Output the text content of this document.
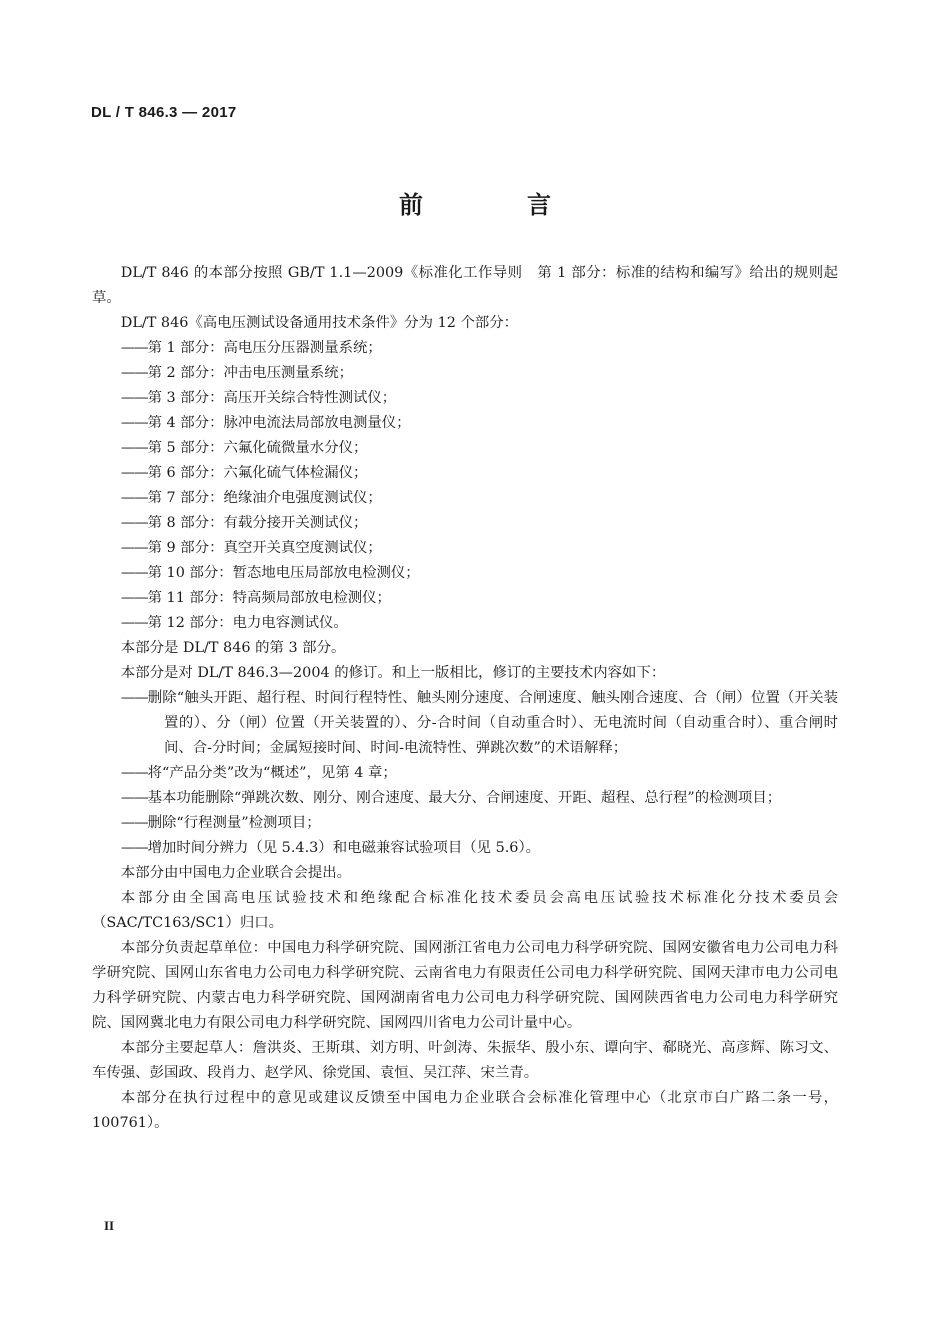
DL / T 846.3 — 2017
前　言

DL/T 846 的本部分按照 GB/T 1.1—2009《标准化工作导则　第 1 部分：标准的结构和编写》给出的规则起草。

DL/T 846《高电压测试设备通用技术条件》分为 12 个部分：

——第 1 部分：高电压分压器测量系统；

——第 2 部分：冲击电压测量系统；

——第 3 部分：高压开关综合特性测试仪；

——第 4 部分：脉冲电流法局部放电测量仪；

——第 5 部分：六氟化硫微量水分仪；

——第 6 部分：六氟化硫气体检漏仪；

——第 7 部分：绝缘油介电强度测试仪；

——第 8 部分：有载分接开关测试仪；

——第 9 部分：真空开关真空度测试仪；

——第 10 部分：暂态地电压局部放电检测仪；

——第 11 部分：特高频局部放电检测仪；

——第 12 部分：电力电容测试仪。

本部分是 DL/T 846 的第 3 部分。

本部分是对 DL/T 846.3—2004 的修订。和上一版相比，修订的主要技术内容如下：

——删除“触头开距、超行程、时间行程特性、触头刚分速度、合闸速度、触头刚合速度、合（闸）位置（开关装置的）、分（闸）位置（开关装置的）、分-合时间（自动重合时）、无电流时间（自动重合时）、重合闸时间、合-分时间；金属短接时间、时间-电流特性、弹跳次数”的术语解释；

——将“产品分类”改为“概述”，见第 4 章；

——基本功能删除“弹跳次数、刚分、刚合速度、最大分、合闸速度、开距、超程、总行程”的检测项目；

——删除“行程测量”检测项目；

——增加时间分辨力（见 5.4.3）和电磁兼容试验项目（见 5.6）。

本部分由中国电力企业联合会提出。

本部分由全国高电压试验技术和绝缘配合标准化技术委员会高电压试验技术标准化分技术委员会（SAC/TC163/SC1）归口。

本部分负责起草单位：中国电力科学研究院、国网浙江省电力公司电力科学研究院、国网安徽省电力公司电力科学研究院、国网山东省电力公司电力科学研究院、云南省电力有限责任公司电力科学研究院、国网天津市电力公司电力科学研究院、内蒙古电力科学研究院、国网湖南省电力公司电力科学研究院、国网陕西省电力公司电力科学研究院、国网冀北电力有限公司电力科学研究院、国网四川省电力公司计量中心。

本部分主要起草人：詹洪炎、王斯琪、刘方明、叶剑涛、朱振华、殷小东、谭向宇、郗晓光、高彦辉、陈习文、车传强、彭国政、段肖力、赵学风、徐党国、袁恒、吴江萍、宋兰青。

本部分在执行过程中的意见或建议反馈至中国电力企业联合会标准化管理中心（北京市白广路二条一号，100761）。

II
